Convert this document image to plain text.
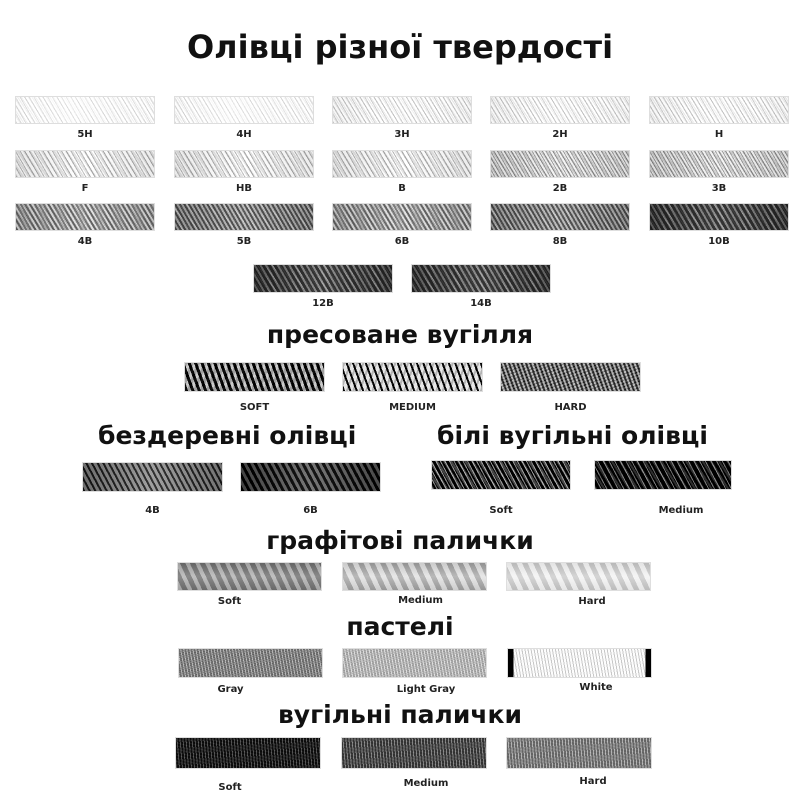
Олівці різної твердості
5H	4H	3H	2H	H
F	HB	B	2B	3B
4B	5B	6B	8B	10B
12B	14B
пресоване вугілля
SOFT	MEDIUM	HARD
бездеревні олівці	білі вугільні олівці
4B	6B	Soft	Medium
графітові палички
Soft	Medium	Hard
пастелі
Gray	Light Gray	White
вугільні палички
Soft	Medium	Hard
